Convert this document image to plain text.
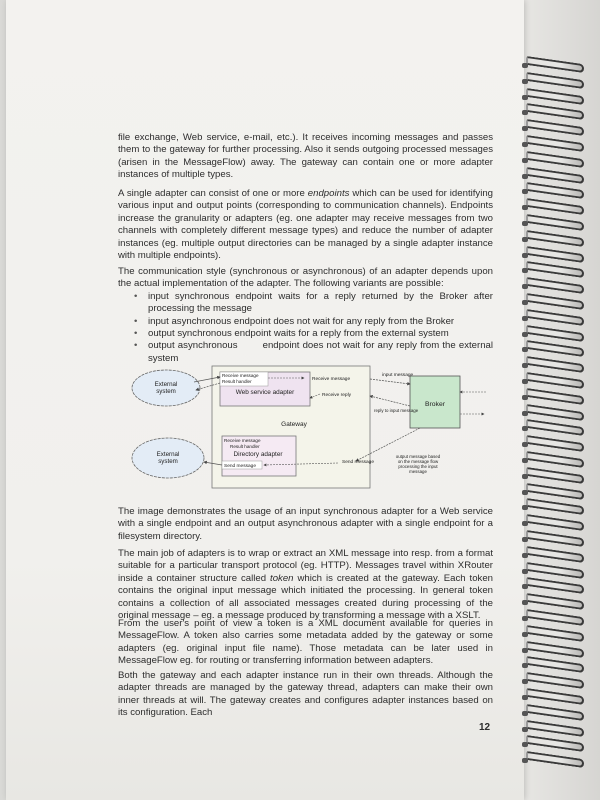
file exchange, Web service, e-mail, etc.). It receives incoming messages and passes them to the gateway for further processing. Also it sends outgoing processed messages (arisen in the MessageFlow) away. The gateway can contain one or more adapter instances of multiple types.

A single adapter can consist of one or more endpoints which can be used for identifying various input and output points (corresponding to communication channels). Endpoints increase the granularity or adapters (eg. one adapter may receive messages from two channels with completely different message types) and reduce the number of adapter instances (eg. multiple output directories can be managed by a single adapter instance with multiple endpoints).

The communication style (synchronous or asynchronous) of an adapter depends upon the actual implementation of the adapter. The following variants are possible:

• input synchronous endpoint waits for a reply returned by the Broker after processing the message
• input asynchronous endpoint does not wait for any reply from the Broker
• output synchronous endpoint waits for a reply from the external system
• output asynchronous        endpoint does not wait for any reply from the external system
Gateway
External
system
External
system
Receive message
Result handler
Web service adapter
Receive message
Result handler
Directory adapter
Send message
Broker
Receive message
Receive reply
input message
reply to input message
Send message
output message based
on the message flow
processing the input
message

The image demonstrates the usage of an input synchronous adapter for a Web service with a single endpoint and an output asynchronous adapter with a single endpoint for a filesystem directory.

The main job of adapters is to wrap or extract an XML message into resp. from a format suitable for a particular transport protocol (eg. HTTP). Messages travel within XRouter inside a container structure called token which is created at the gateway. Each token contains the original input message which initiated the processing. In general token contains a collection of all associated messages created during processing of the original message – eg. a message produced by transforming a message with a XSLT.

From the user's point of view a token is a XML document available for queries in MessageFlow. A token also carries some metadata added by the gateway or some adapters (eg. original input file name). Those metadata can be later used in MessageFlow eg. for routing or transferring information between adapters.

Both the gateway and each adapter instance run in their own threads. Although the adapter threads are managed by the gateway thread, adapters can make their own inner threads at will. The gateway creates and configures adapter instances based on its configuration. Each

12
